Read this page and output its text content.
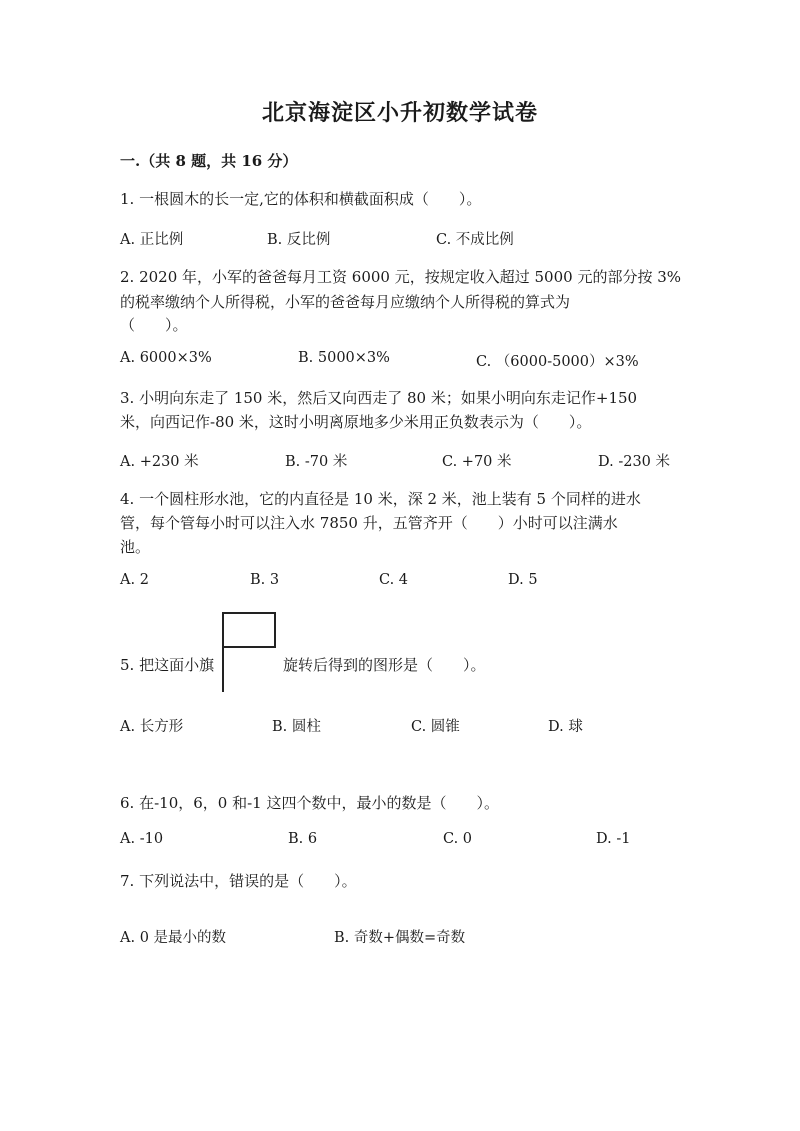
北京海淀区小升初数学试卷
一.（共 8 题，共 16 分）
1. 一根圆木的长一定,它的体积和横截面积成（　　）。
A. 正比例	B. 反比例	C. 不成比例
2. 2020 年，小军的爸爸每月工资 6000 元，按规定收入超过 5000 元的部分按 3%
的税率缴纳个人所得税，小军的爸爸每月应缴纳个人所得税的算式为
（　　）。
A. 6000×3%	B. 5000×3%	C. （6000-5000）×3%
3. 小明向东走了 150 米，然后又向西走了 80 米；如果小明向东走记作+150
米，向西记作-80 米，这时小明离原地多少米用正负数表示为（　　）。
A. +230 米	B. -70 米	C. +70 米	D. -230 米
4. 一个圆柱形水池，它的内直径是 10 米，深 2 米，池上装有 5 个同样的进水
管，每个管每小时可以注入水 7850 升，五管齐开（　　）小时可以注满水
池。
A. 2	B. 3	C. 4	D. 5
5. 把这面小旗	旋转后得到的图形是（　　）。
A. 长方形	B. 圆柱	C. 圆锥	D. 球
6. 在-10，6，0 和-1 这四个数中，最小的数是（　　）。
A. -10	B. 6	C. 0	D. -1
7. 下列说法中，错误的是（　　）。
A. 0 是最小的数	B. 奇数+偶数=奇数
